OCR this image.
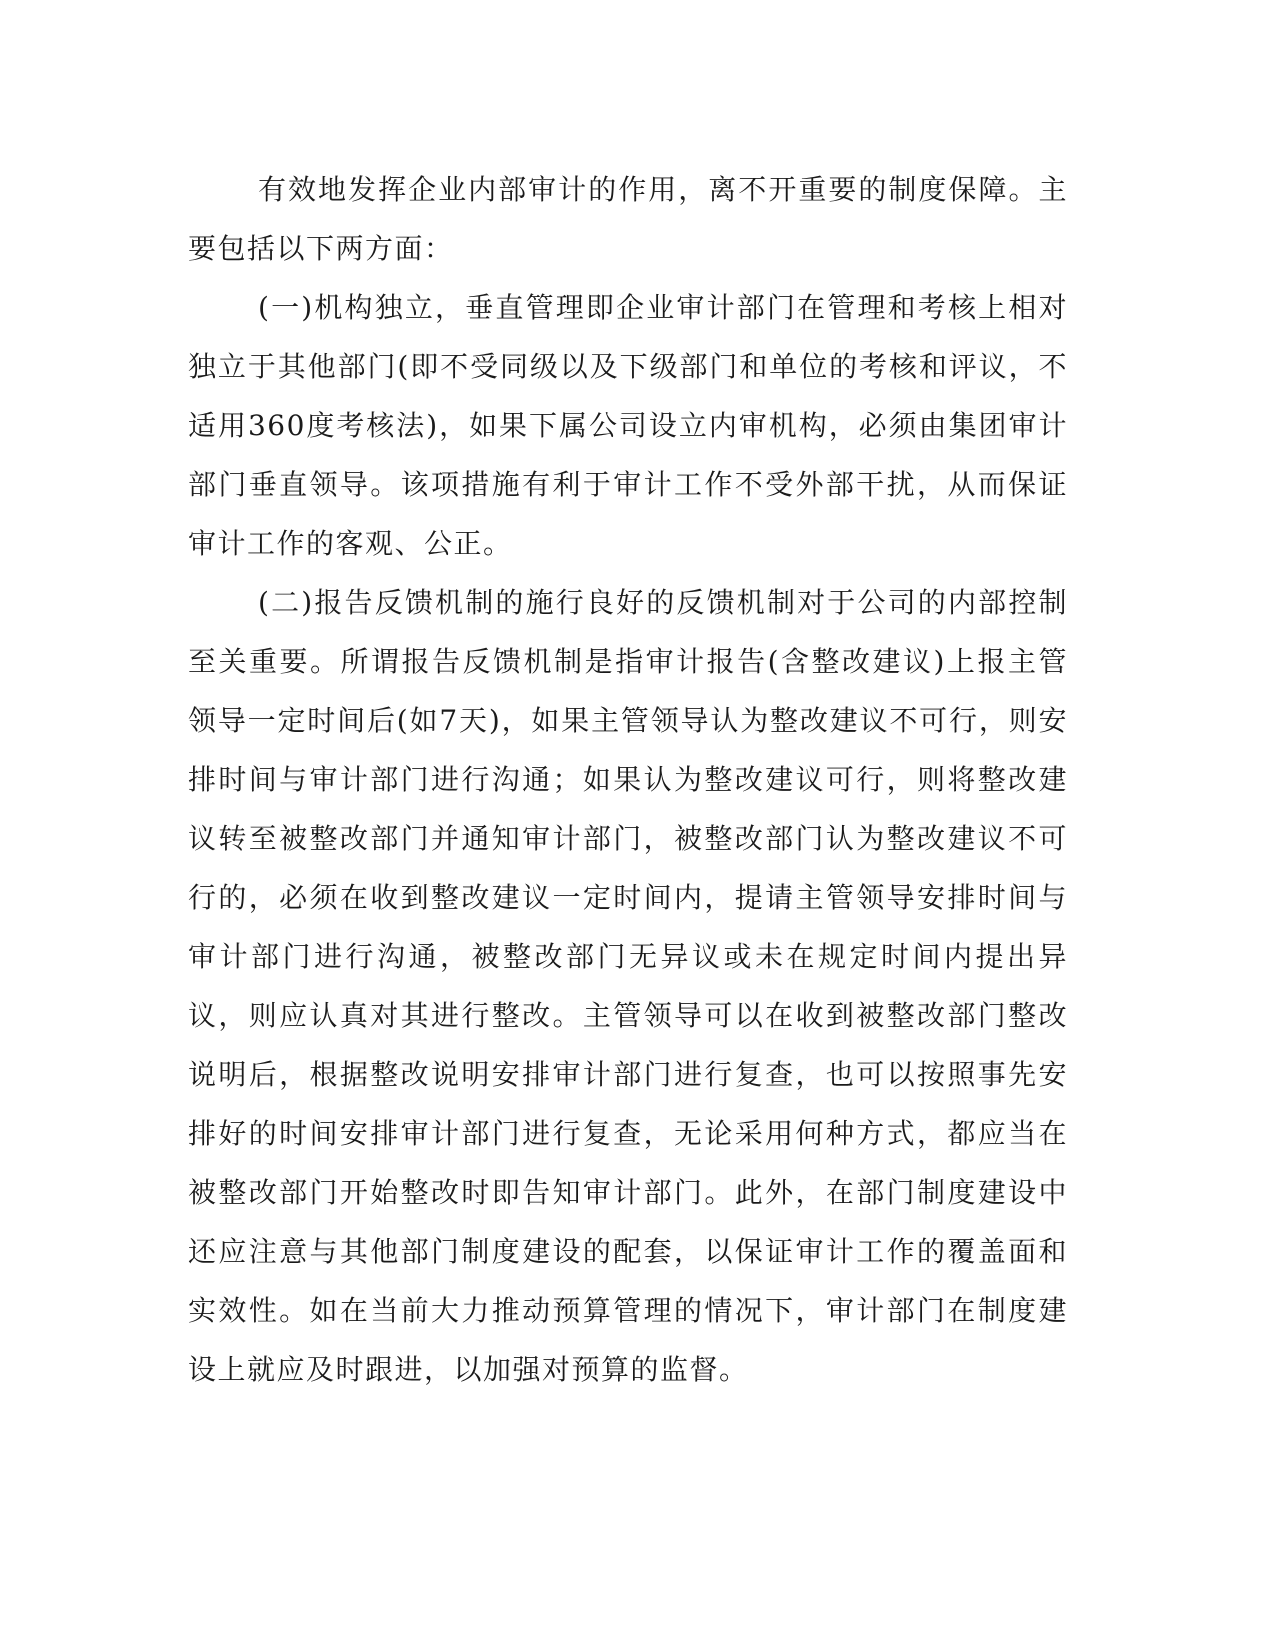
有效地发挥企业内部审计的作用，离不开重要的制度保障。主要包括以下两方面：

(一)机构独立，垂直管理即企业审计部门在管理和考核上相对独立于其他部门(即不受同级以及下级部门和单位的考核和评议，不适用360度考核法)，如果下属公司设立内审机构，必须由集团审计部门垂直领导。该项措施有利于审计工作不受外部干扰，从而保证审计工作的客观、公正。

(二)报告反馈机制的施行良好的反馈机制对于公司的内部控制至关重要。所谓报告反馈机制是指审计报告(含整改建议)上报主管领导一定时间后(如7天)，如果主管领导认为整改建议不可行，则安排时间与审计部门进行沟通；如果认为整改建议可行，则将整改建议转至被整改部门并通知审计部门，被整改部门认为整改建议不可行的，必须在收到整改建议一定时间内，提请主管领导安排时间与审计部门进行沟通，被整改部门无异议或未在规定时间内提出异议，则应认真对其进行整改。主管领导可以在收到被整改部门整改说明后，根据整改说明安排审计部门进行复查，也可以按照事先安排好的时间安排审计部门进行复查，无论采用何种方式，都应当在被整改部门开始整改时即告知审计部门。此外，在部门制度建设中还应注意与其他部门制度建设的配套，以保证审计工作的覆盖面和实效性。如在当前大力推动预算管理的情况下，审计部门在制度建设上就应及时跟进，以加强对预算的监督。
